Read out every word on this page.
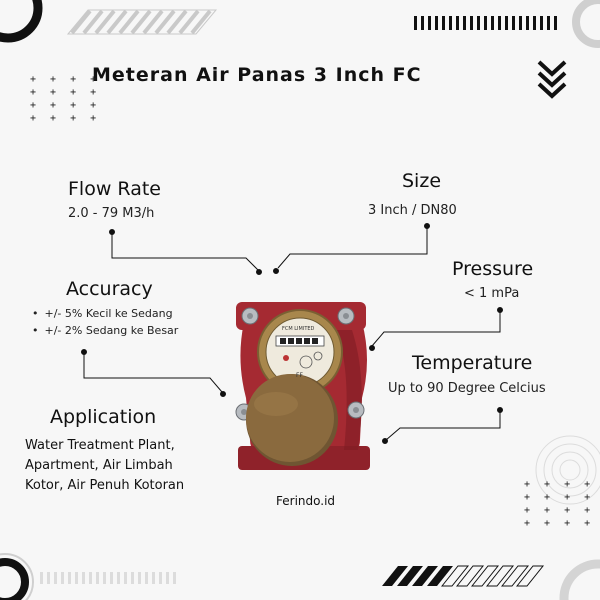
Meteran Air Panas 3 Inch FC
+ + + +
+ + + +
+ + + +
+ + + +
+ + + +
+ + + +
+ + + +
+ + + +
FCM LIMITED
FF
Flow Rate
2.0 - 79 M3/h
Size
3 Inch / DN80
Accuracy
• +/- 5% Kecil ke Sedang
• +/- 2% Sedang ke Besar
Pressure
< 1 mPa
Temperature
Up to 90 Degree Celcius
Application
Water Treatment Plant,
Apartment, Air Limbah
Kotor, Air Penuh Kotoran
Ferindo.id
